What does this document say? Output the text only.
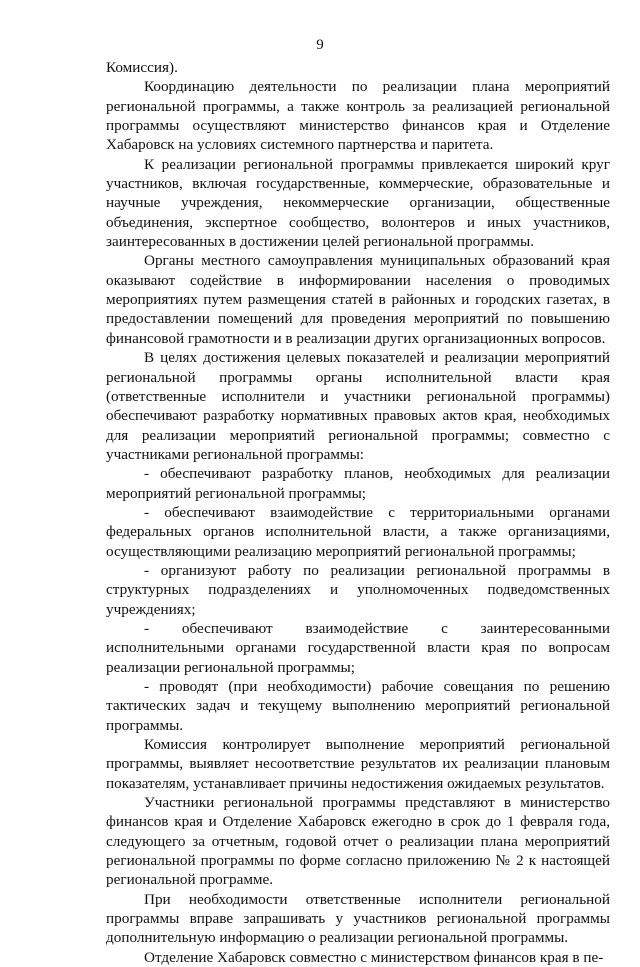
9

Комиссия).

Координацию деятельности по реализации плана мероприятий региональной программы, а также контроль за реализацией региональной программы осуществляют министерство финансов края и Отделение Хабаровск на условиях системного партнерства и паритета.

К реализации региональной программы привлекается широкий круг участников, включая государственные, коммерческие, образовательные и научные учреждения, некоммерческие организации, общественные объединения, экспертное сообщество, волонтеров и иных участников, заинтересованных в достижении целей региональной программы.

Органы местного самоуправления муниципальных образований края оказывают содействие в информировании населения о проводимых мероприятиях путем размещения статей в районных и городских газетах, в предоставлении помещений для проведения мероприятий по повышению финансовой грамотности и в реализации других организационных вопросов.

В целях достижения целевых показателей и реализации мероприятий региональной программы органы исполнительной власти края (ответственные исполнители и участники региональной программы) обеспечивают разработку нормативных правовых актов края, необходимых для реализации мероприятий региональной программы; совместно с участниками региональной программы:

- обеспечивают разработку планов, необходимых для реализации мероприятий региональной программы;

- обеспечивают взаимодействие с территориальными органами федеральных органов исполнительной власти, а также организациями, осуществляющими реализацию мероприятий региональной программы;

- организуют работу по реализации региональной программы в структурных подразделениях и уполномоченных подведомственных учреждениях;

- обеспечивают взаимодействие с заинтересованными исполнительными органами государственной власти края по вопросам реализации региональной программы;

- проводят (при необходимости) рабочие совещания по решению тактических задач и текущему выполнению мероприятий региональной программы.

Комиссия контролирует выполнение мероприятий региональной программы, выявляет несоответствие результатов их реализации плановым показателям, устанавливает причины недостижения ожидаемых результатов.

Участники региональной программы представляют в министерство финансов края и Отделение Хабаровск ежегодно в срок до 1 февраля года, следующего за отчетным, годовой отчет о реализации плана мероприятий региональной программы по форме согласно приложению № 2 к настоящей региональной программе.

При необходимости ответственные исполнители региональной программы вправе запрашивать у участников региональной программы дополнительную информацию о реализации региональной программы.

Отделение Хабаровск совместно с министерством финансов края в пе-
